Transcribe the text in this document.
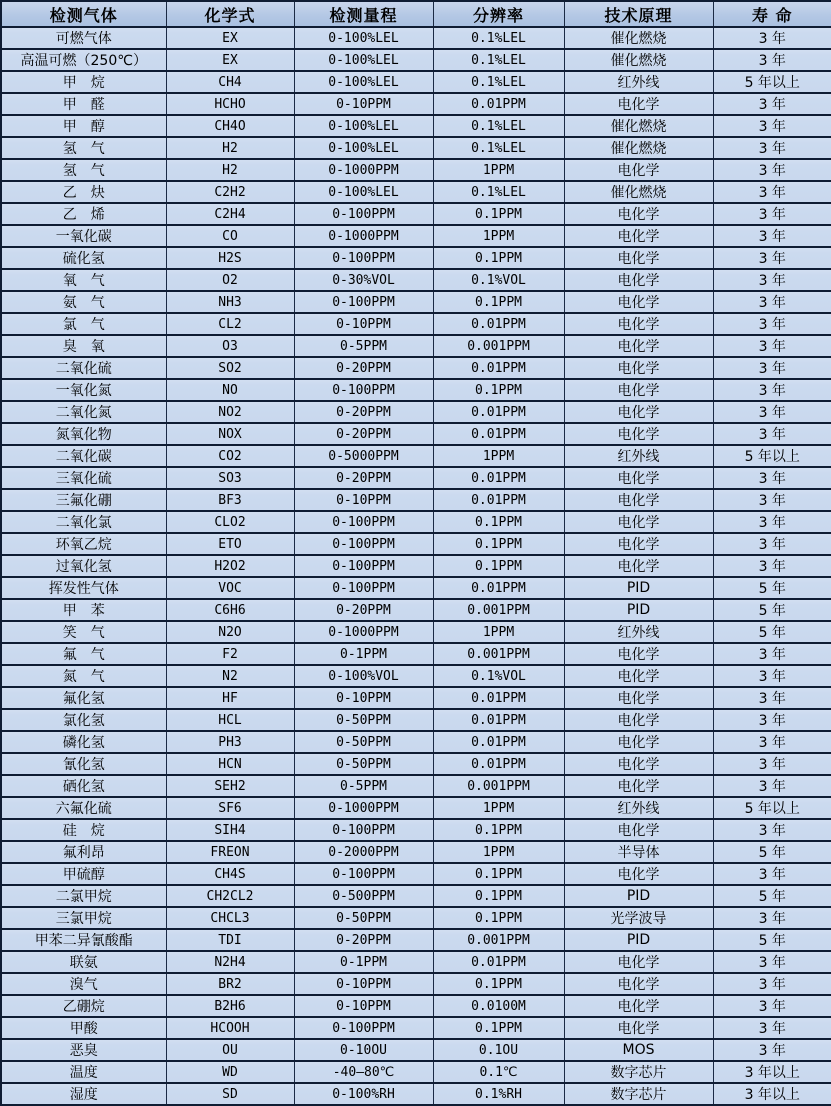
检测气体	化学式	检测量程	分辨率	技术原理	寿 命
可燃气体	EX	0-100%LEL	0.1%LEL	催化燃烧	3 年
高温可燃（250℃）	EX	0-100%LEL	0.1%LEL	催化燃烧	3 年
甲　烷	CH4	0-100%LEL	0.1%LEL	红外线	5 年以上
甲　醛	HCHO	0-10PPM	0.01PPM	电化学	3 年
甲　醇	CH4O	0-100%LEL	0.1%LEL	催化燃烧	3 年
氢　气	H2	0-100%LEL	0.1%LEL	催化燃烧	3 年
氢　气	H2	0-1000PPM	1PPM	电化学	3 年
乙　炔	C2H2	0-100%LEL	0.1%LEL	催化燃烧	3 年
乙　烯	C2H4	0-100PPM	0.1PPM	电化学	3 年
一氧化碳	CO	0-1000PPM	1PPM	电化学	3 年
硫化氢	H2S	0-100PPM	0.1PPM	电化学	3 年
氧　气	O2	0-30%VOL	0.1%VOL	电化学	3 年
氨　气	NH3	0-100PPM	0.1PPM	电化学	3 年
氯　气	CL2	0-10PPM	0.01PPM	电化学	3 年
臭　氧	O3	0-5PPM	0.001PPM	电化学	3 年
二氧化硫	SO2	0-20PPM	0.01PPM	电化学	3 年
一氧化氮	NO	0-100PPM	0.1PPM	电化学	3 年
二氧化氮	NO2	0-20PPM	0.01PPM	电化学	3 年
氮氧化物	NOX	0-20PPM	0.01PPM	电化学	3 年
二氧化碳	CO2	0-5000PPM	1PPM	红外线	5 年以上
三氧化硫	SO3	0-20PPM	0.01PPM	电化学	3 年
三氟化硼	BF3	0-10PPM	0.01PPM	电化学	3 年
二氧化氯	CLO2	0-100PPM	0.1PPM	电化学	3 年
环氧乙烷	ETO	0-100PPM	0.1PPM	电化学	3 年
过氧化氢	H2O2	0-100PPM	0.1PPM	电化学	3 年
挥发性气体	VOC	0-100PPM	0.01PPM	PID	5 年
甲　苯	C6H6	0-20PPM	0.001PPM	PID	5 年
笑　气	N2O	0-1000PPM	1PPM	红外线	5 年
氟　气	F2	0-1PPM	0.001PPM	电化学	3 年
氮　气	N2	0-100%VOL	0.1%VOL	电化学	3 年
氟化氢	HF	0-10PPM	0.01PPM	电化学	3 年
氯化氢	HCL	0-50PPM	0.01PPM	电化学	3 年
磷化氢	PH3	0-50PPM	0.01PPM	电化学	3 年
氰化氢	HCN	0-50PPM	0.01PPM	电化学	3 年
硒化氢	SEH2	0-5PPM	0.001PPM	电化学	3 年
六氟化硫	SF6	0-1000PPM	1PPM	红外线	5 年以上
硅　烷	SIH4	0-100PPM	0.1PPM	电化学	3 年
氟利昂	FREON	0-2000PPM	1PPM	半导体	5 年
甲硫醇	CH4S	0-100PPM	0.1PPM	电化学	3 年
二氯甲烷	CH2CL2	0-500PPM	0.1PPM	PID	5 年
三氯甲烷	CHCL3	0-50PPM	0.1PPM	光学波导	3 年
甲苯二异氰酸酯	TDI	0-20PPM	0.001PPM	PID	5 年
联氨	N2H4	0-1PPM	0.01PPM	电化学	3 年
溴气	BR2	0-10PPM	0.1PPM	电化学	3 年
乙硼烷	B2H6	0-10PPM	0.0100M	电化学	3 年
甲酸	HCOOH	0-100PPM	0.1PPM	电化学	3 年
恶臭	OU	0-10OU	0.1OU	MOS	3 年
温度	WD	-40—80℃	0.1℃	数字芯片	3 年以上
湿度	SD	0-100%RH	0.1%RH	数字芯片	3 年以上
